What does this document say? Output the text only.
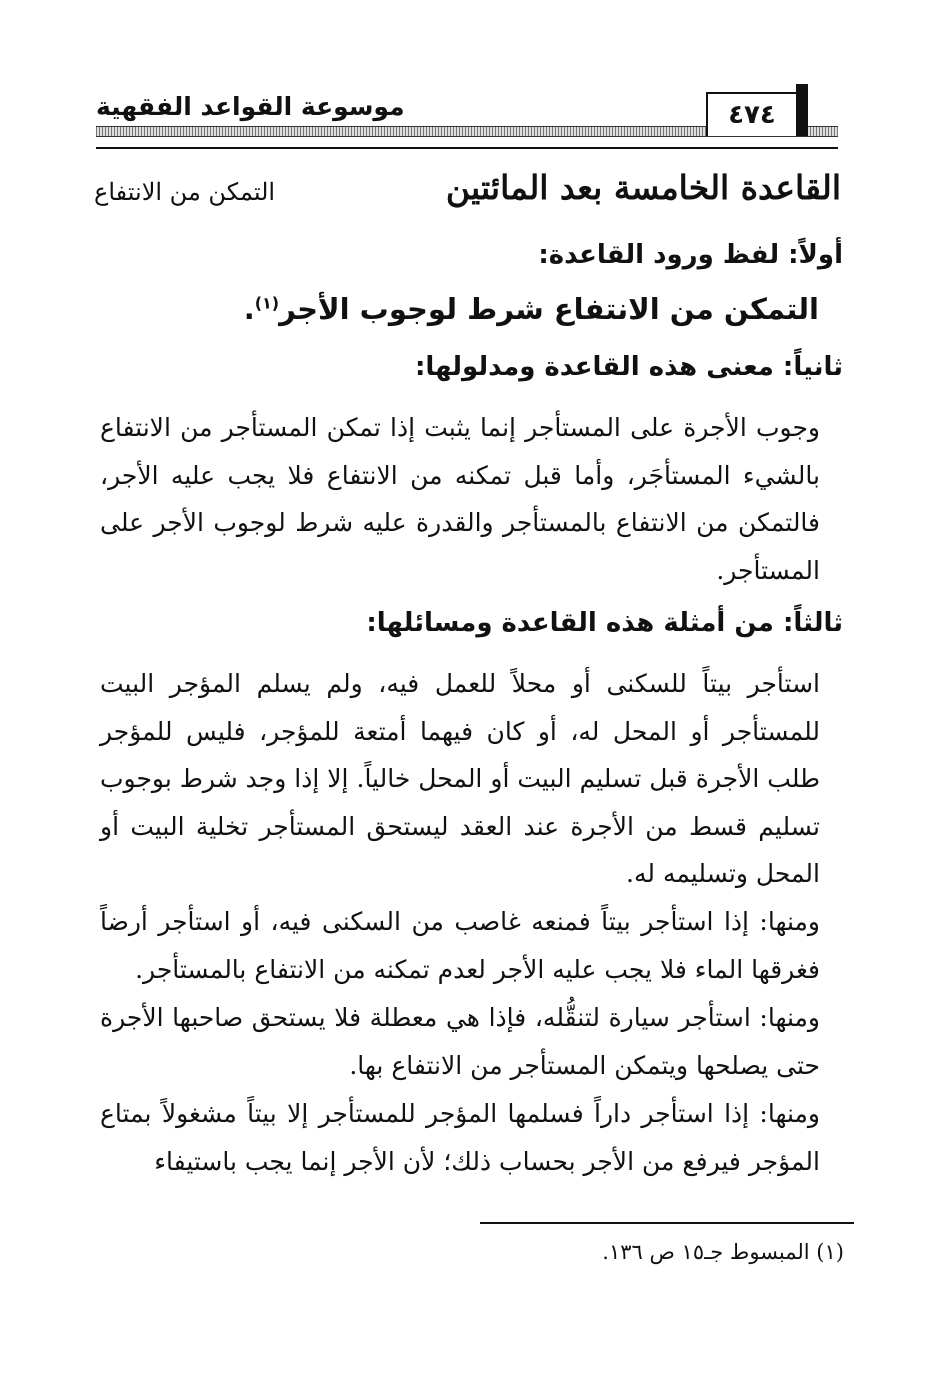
موسوعة القواعد الفقهية	٤٧٤
القاعدة الخامسة بعد المائتين
التمكن من الانتفاع
أولاً: لفظ ورود القاعدة:
التمكن من الانتفاع شرط لوجوب الأجر$^{(١)}$.
ثانياً: معنى هذه القاعدة ومدلولها:
وجوب الأجرة على المستأجر إنما يثبت إذا تمكن المستأجر من الانتفاع بالشيء المستأجَر، وأما قبل تمكنه من الانتفاع فلا يجب عليه الأجر، فالتمكن من الانتفاع بالمستأجر والقدرة عليه شرط لوجوب الأجر على المستأجر.
ثالثاً: من أمثلة هذه القاعدة ومسائلها:
استأجر بيتاً للسكنى أو محلاً للعمل فيه، ولم يسلم المؤجر البيت للمستأجر أو المحل له، أو كان فيهما أمتعة للمؤجر، فليس للمؤجر طلب الأجرة قبل تسليم البيت أو المحل خالياً. إلا إذا وجد شرط بوجوب تسليم قسط من الأجرة عند العقد ليستحق المستأجر تخلية البيت أو المحل وتسليمه له.
ومنها: إذا استأجر بيتاً فمنعه غاصب من السكنى فيه، أو استأجر أرضاً فغرقها الماء فلا يجب عليه الأجر لعدم تمكنه من الانتفاع بالمستأجر.
ومنها: استأجر سيارة لتنقُّله، فإذا هي معطلة فلا يستحق صاحبها الأجرة حتى يصلحها ويتمكن المستأجر من الانتفاع بها.
ومنها: إذا استأجر داراً فسلمها المؤجر للمستأجر إلا بيتاً مشغولاً بمتاع المؤجر فيرفع من الأجر بحساب ذلك؛ لأن الأجر إنما يجب باستيفاء
(١) المبسوط جـ١٥ ص ١٣٦.
